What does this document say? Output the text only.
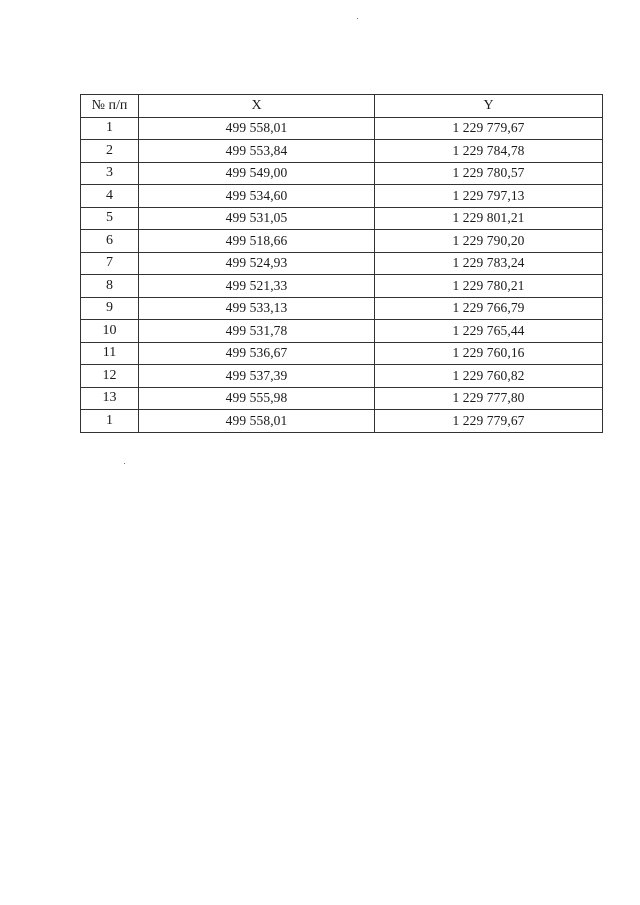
№ п/п	X	Y
1	499 558,01	1 229 779,67
2	499 553,84	1 229 784,78
3	499 549,00	1 229 780,57
4	499 534,60	1 229 797,13
5	499 531,05	1 229 801,21
6	499 518,66	1 229 790,20
7	499 524,93	1 229 783,24
8	499 521,33	1 229 780,21
9	499 533,13	1 229 766,79
10	499 531,78	1 229 765,44
11	499 536,67	1 229 760,16
12	499 537,39	1 229 760,82
13	499 555,98	1 229 777,80
1	499 558,01	1 229 779,67
